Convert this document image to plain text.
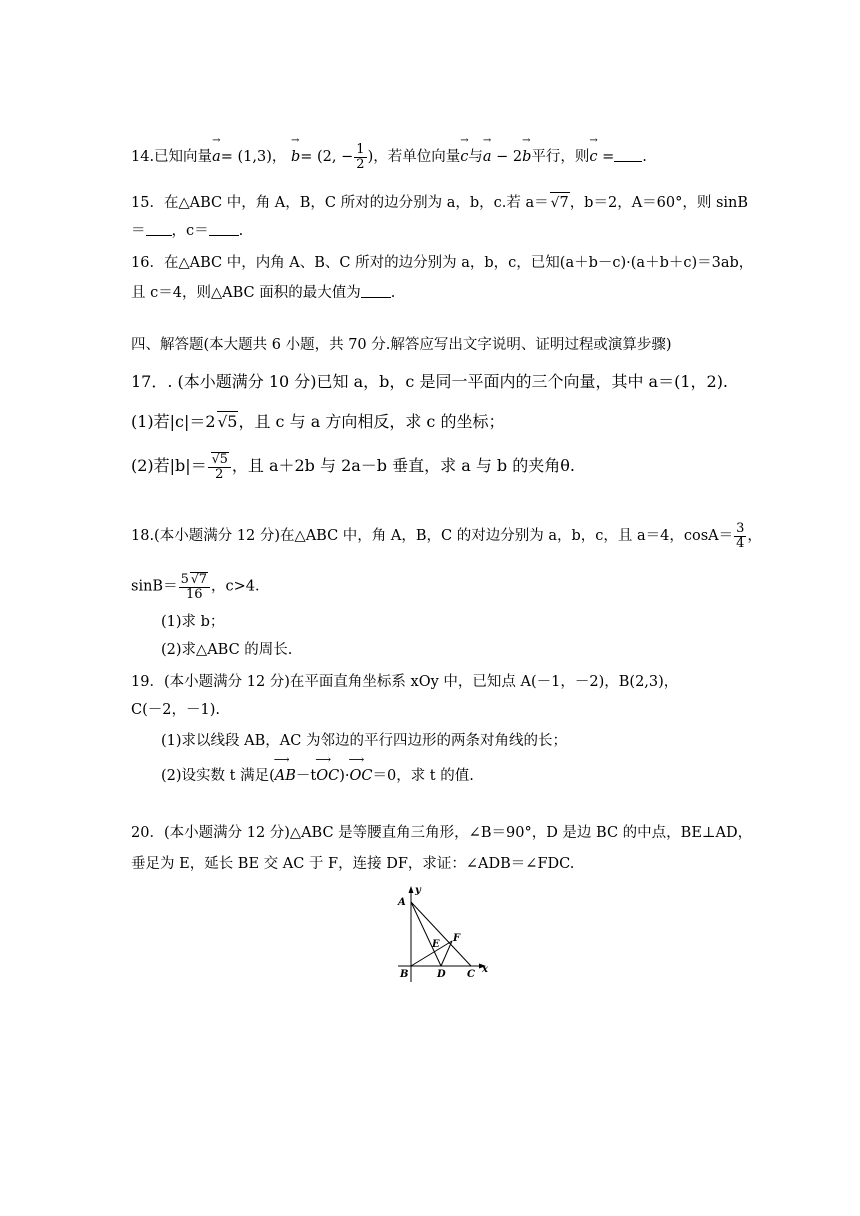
14.已知向量→ a= (1,3)， → b= (2, − $\frac{1}{2}$ )，若单位向量→ c与→ a − 2→ b平行，则→ c = .
15．在△ABC 中，角 A，B，C 所对的边分别为 a，b，c.若 a＝ √7，b＝2，A＝60°，则 sinB
＝ ，c＝ .
16．在△ABC 中，内角 A、B、C 所对的边分别为 a，b，c，已知(a＋b－c)·(a＋b＋c)＝3ab，
且 c＝4，则△ABC 面积的最大值为 .
四、解答题(本大题共 6 小题，共 70 分.解答应写出文字说明、证明过程或演算步骤)
17．. (本小题满分 10 分)已知 a，b，c 是同一平面内的三个向量，其中 a＝(1，2).
(1)若|c|＝2 √5，且 c 与 a 方向相反，求 c 的坐标；
(2)若$|b|= \frac{√5}{2}$ ，且 a＋2b 与 2a－b 垂直，求 a 与 b 的夹角θ.
18.(本小题满分 12 分)在△ABC 中，角 A，B，C 的对边分别为 a，b，c，且 a＝4，$\cos A= \frac{3}{4}$ ，
$\sin B= \frac{5 √7}{16}$ ，c>4．
(1)求 b；
(2)求△ABC 的周长.
19．(本小题满分 12 分)在平面直角坐标系 xOy 中，已知点 A(－1，－2)，B(2,3)，
C(－2，－1).
(1)求以线段 AB，AC 为邻边的平行四边形的两条对角线的长；
(2)设实数 t 满足(⟶ AB－t⟶ OC)·⟶ OC＝0，求 t 的值.
20．(本小题满分 12 分)△ABC 是等腰直角三角形，∠B＝90°，D 是边 BC 的中点，BE⊥AD，
垂足为 E，延长 BE 交 AC 于 F，连接 DF，求证：∠ADB＝∠FDC.
y
x
A
B	D C
E
F
